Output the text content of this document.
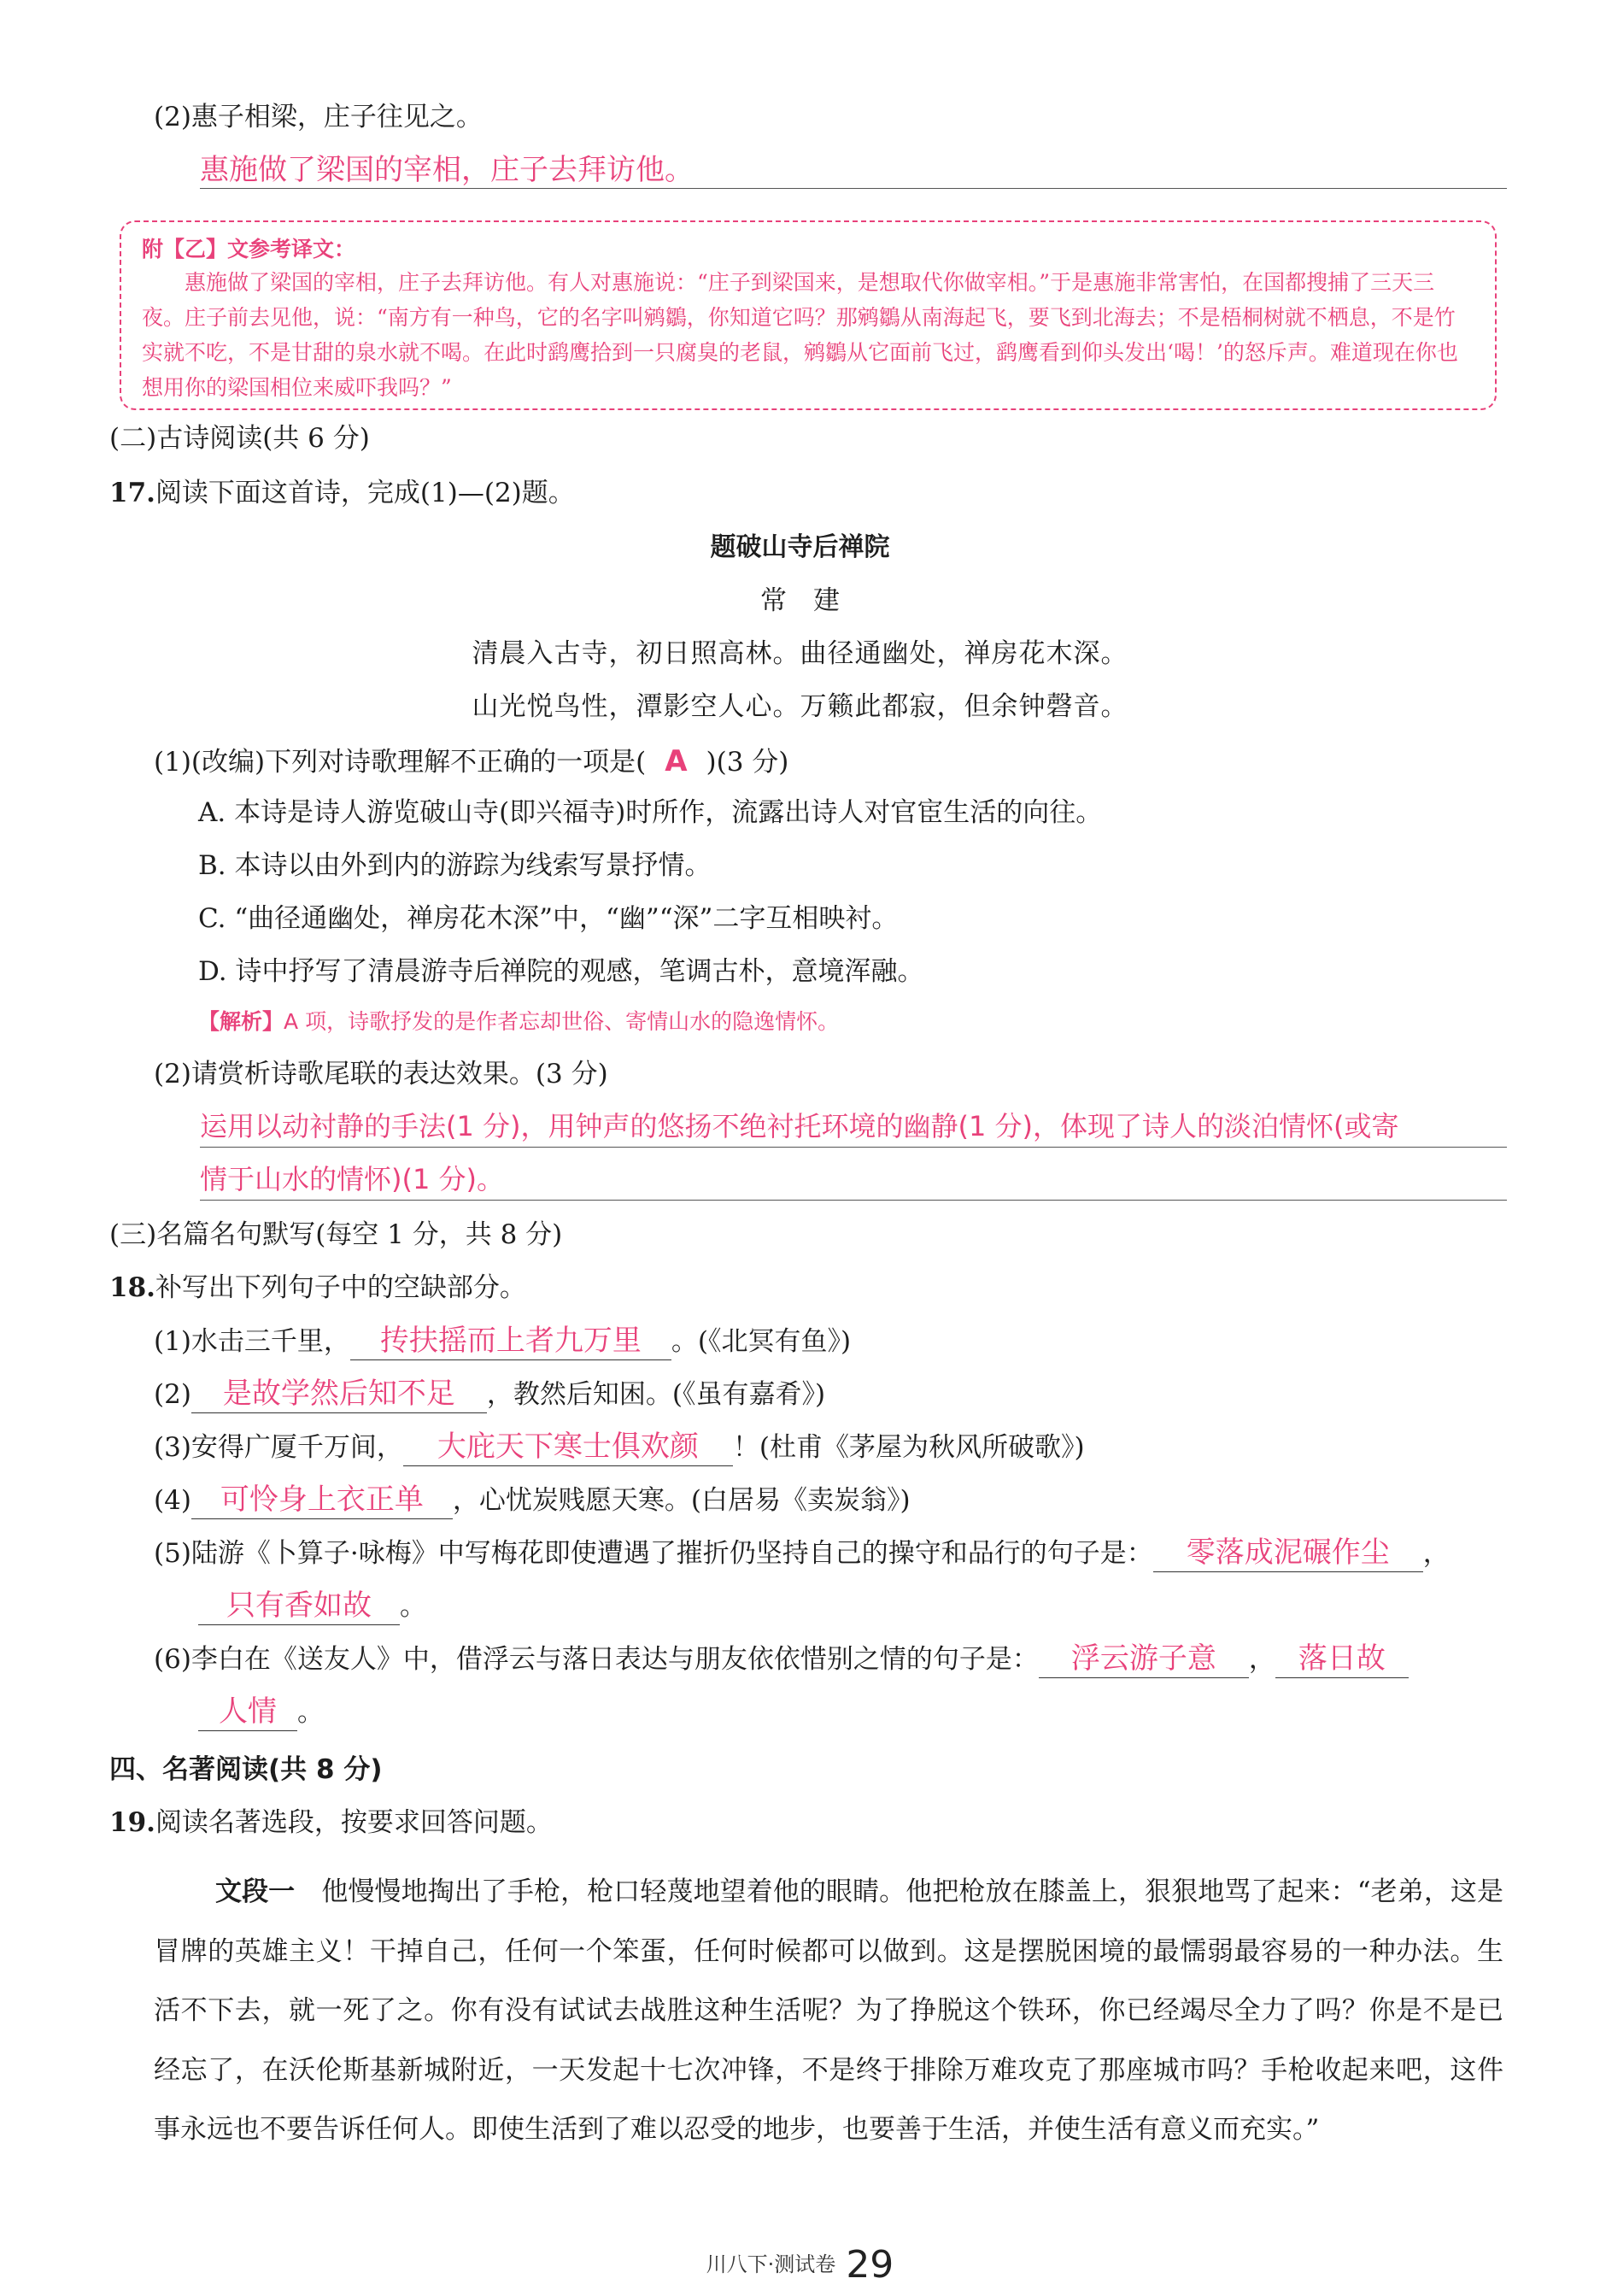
(2)惠子相梁，庄子往见之。
惠施做了梁国的宰相，庄子去拜访他。
附【乙】文参考译文：
惠施做了梁国的宰相，庄子去拜访他。有人对惠施说：“庄子到梁国来，是想取代你做宰相。”于是惠施非常害怕，在国都搜捕了三天三夜。庄子前去见他，说：“南方有一种鸟，它的名字叫鹓鶵，你知道它吗？那鹓鶵从南海起飞，要飞到北海去；不是梧桐树就不栖息，不是竹实就不吃，不是甘甜的泉水就不喝。在此时鹞鹰拾到一只腐臭的老鼠，鹓鶵从它面前飞过，鹞鹰看到仰头发出‘喝！’的怒斥声。难道现在你也想用你的梁国相位来威吓我吗？”
(二)古诗阅读(共 6 分)
17.阅读下面这首诗，完成(1)—(2)题。
题破山寺后禅院
常　建
清晨入古寺，初日照高林。曲径通幽处，禅房花木深。
山光悦鸟性，潭影空人心。万籁此都寂，但余钟磬音。
(1)(改编)下列对诗歌理解不正确的一项是( A )(3 分)
A. 本诗是诗人游览破山寺(即兴福寺)时所作，流露出诗人对官宦生活的向往。
B. 本诗以由外到内的游踪为线索写景抒情。
C. “曲径通幽处，禅房花木深”中，“幽”“深”二字互相映衬。
D. 诗中抒写了清晨游寺后禅院的观感，笔调古朴，意境浑融。
【解析】A 项，诗歌抒发的是作者忘却世俗、寄情山水的隐逸情怀。
(2)请赏析诗歌尾联的表达效果。(3 分)
运用以动衬静的手法(1 分)，用钟声的悠扬不绝衬托环境的幽静(1 分)，体现了诗人的淡泊情怀(或寄
情于山水的情怀)(1 分)。
(三)名篇名句默写(每空 1 分，共 8 分)
18.补写出下列句子中的空缺部分。
(1)水击三千里， 抟扶摇而上者九万里 。(《北冥有鱼》)
(2) 是故学然后知不足 ，教然后知困。(《虽有嘉肴》)
(3)安得广厦千万间， 大庇天下寒士俱欢颜 ！(杜甫《茅屋为秋风所破歌》)
(4) 可怜身上衣正单 ，心忧炭贱愿天寒。(白居易《卖炭翁》)
(5)陆游《卜算子·咏梅》中写梅花即使遭遇了摧折仍坚持自己的操守和品行的句子是： 零落成泥碾作尘 ，
只有香如故 。
(6)李白在《送友人》中，借浮云与落日表达与朋友依依惜别之情的句子是： 浮云游子意 ， 落日故
人情 。
四、名著阅读(共 8 分)
19.阅读名著选段，按要求回答问题。
文段一　 他慢慢地掏出了手枪，枪口轻蔑地望着他的眼睛。他把枪放在膝盖上，狠狠地骂了起来：“老弟，这是冒牌的英雄主义！干掉自己，任何一个笨蛋，任何时候都可以做到。这是摆脱困境的最懦弱最容易的一种办法。生活不下去，就一死了之。你有没有试试去战胜这种生活呢？为了挣脱这个铁环，你已经竭尽全力了吗？你是不是已经忘了，在沃伦斯基新城附近，一天发起十七次冲锋，不是终于排除万难攻克了那座城市吗？手枪收起来吧，这件事永远也不要告诉任何人。即使生活到了难以忍受的地步，也要善于生活，并使生活有意义而充实。”
川八下·测试卷 29
